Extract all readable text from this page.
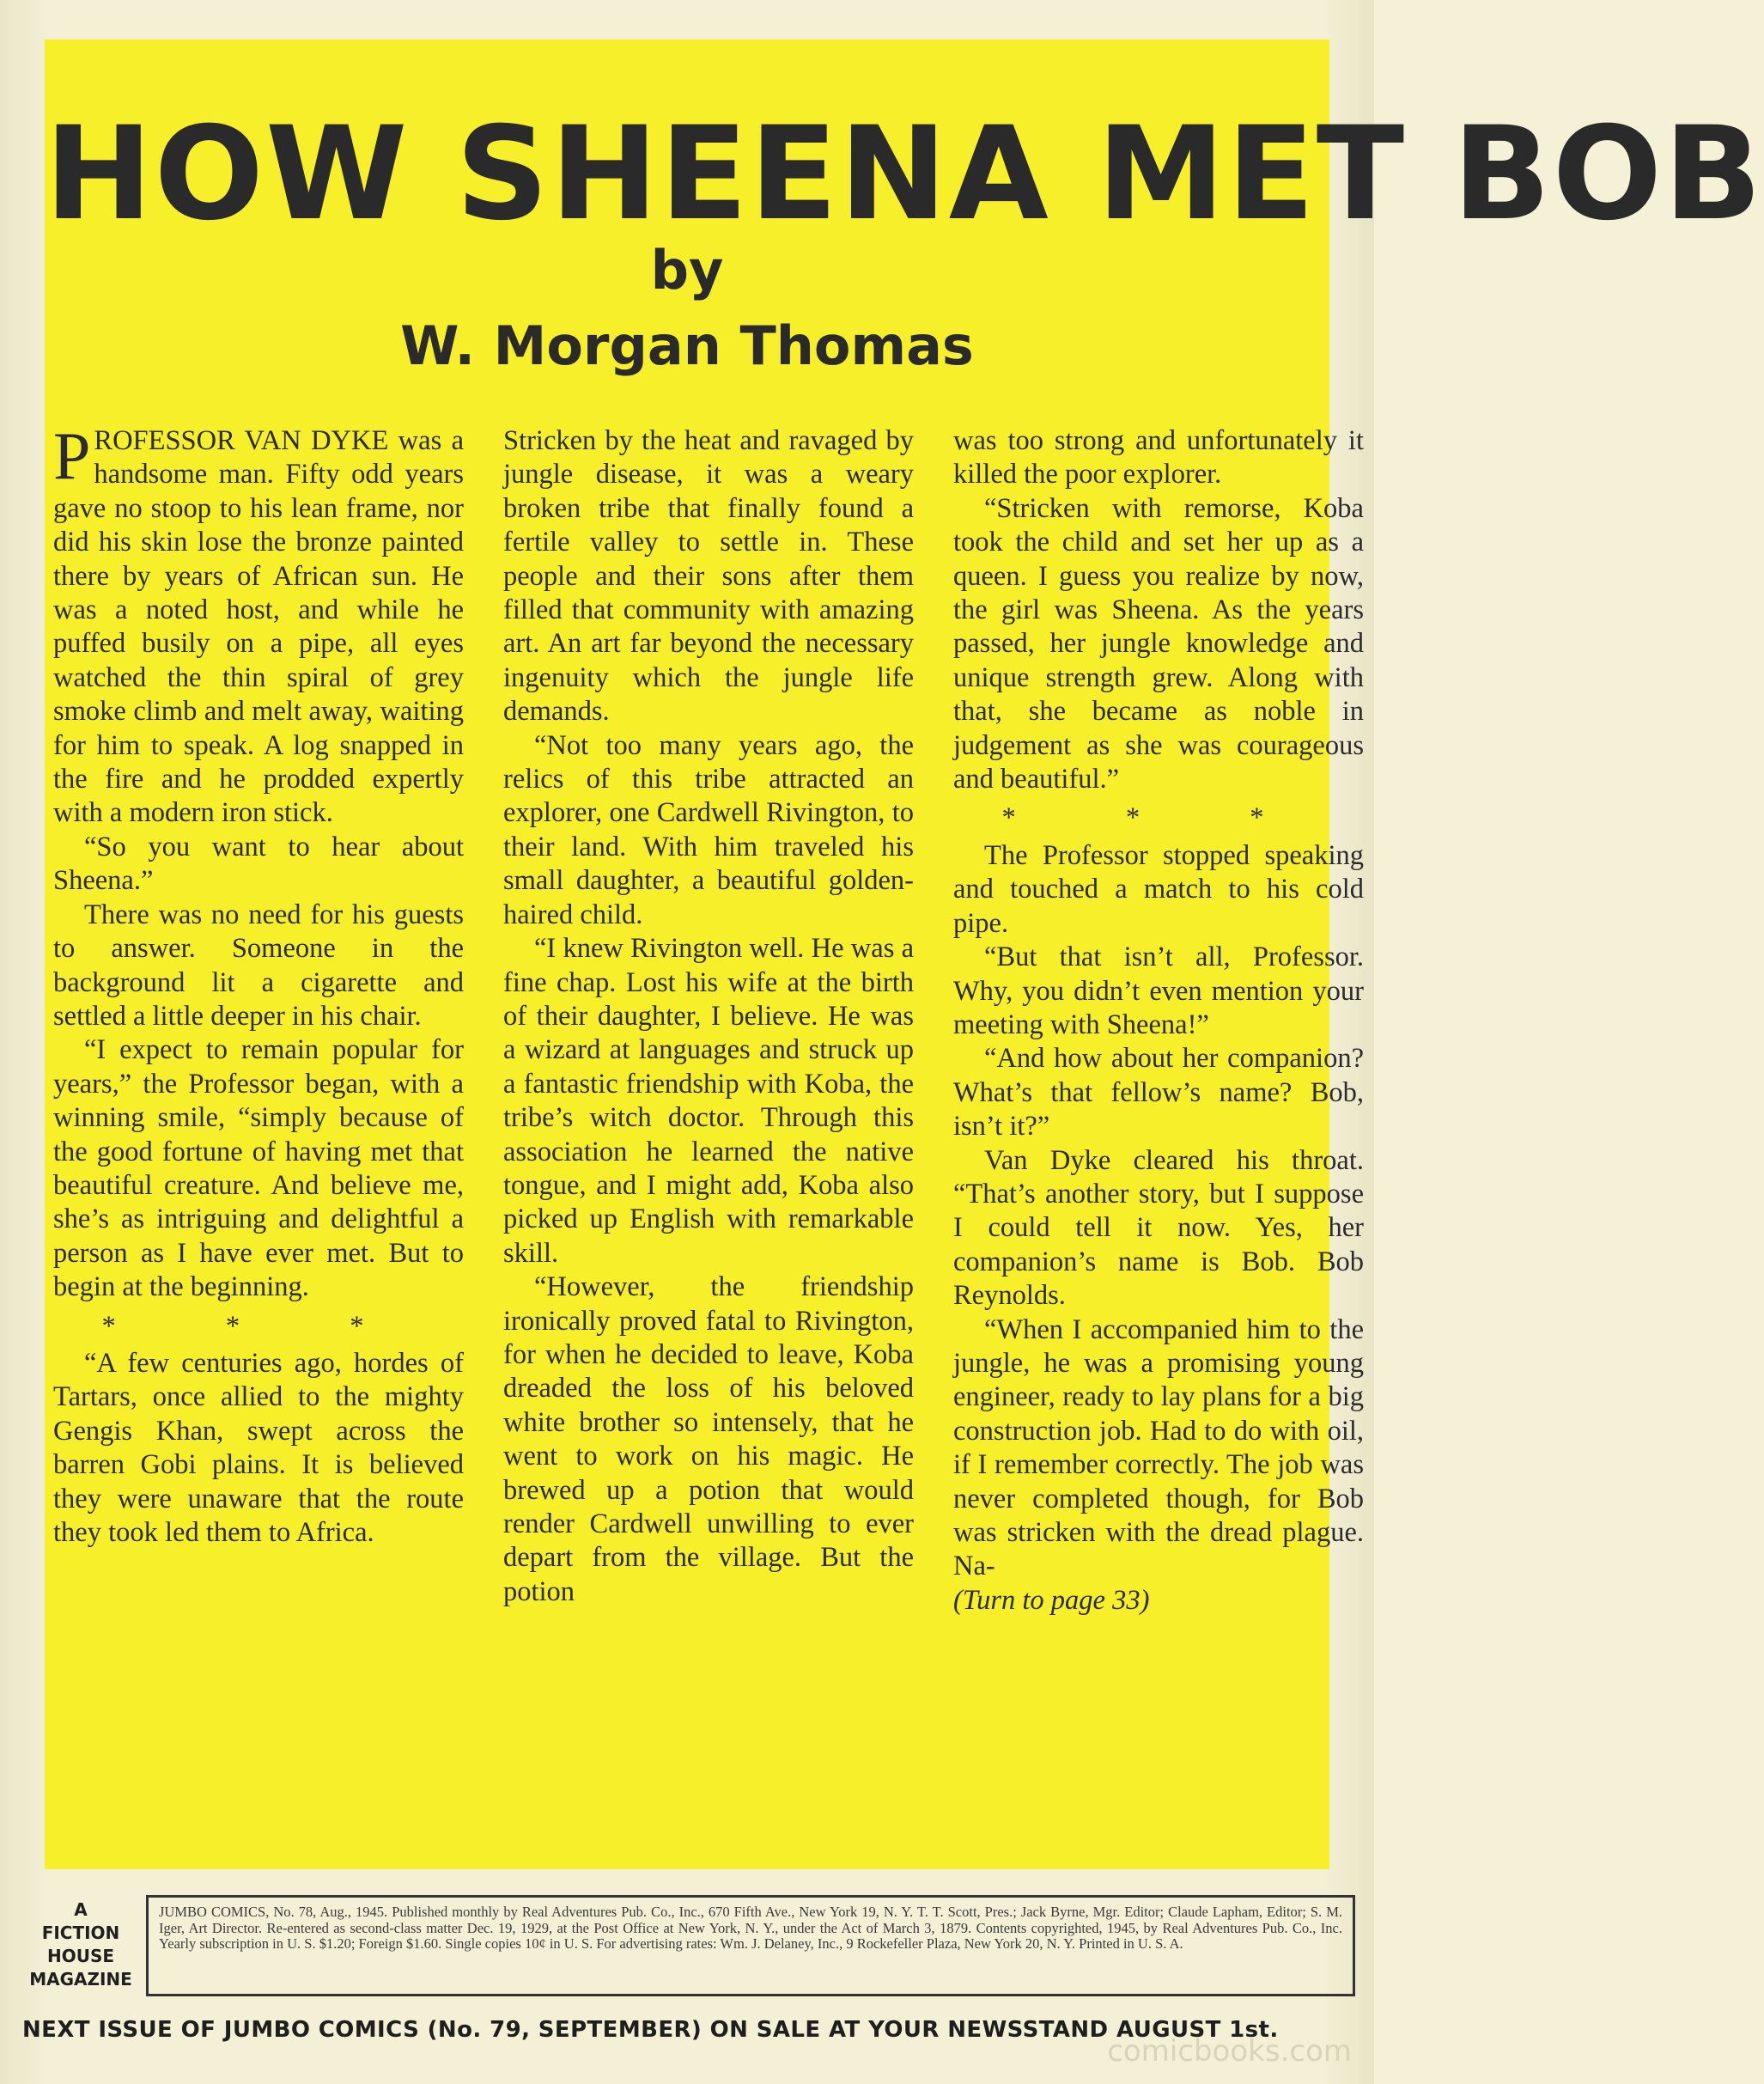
HOW SHEENA MET BOB
by
W. Morgan Thomas

PROFESSOR VAN DYKE was a handsome man. Fifty odd years gave no stoop to his lean frame, nor did his skin lose the bronze painted there by years of African sun. He was a noted host, and while he puffed busily on a pipe, all eyes watched the thin spiral of grey smoke climb and melt away, waiting for him to speak. A log snapped in the fire and he prodded expertly with a modern iron stick.

“So you want to hear about Sheena.”

There was no need for his guests to answer. Someone in the background lit a cigarette and settled a little deeper in his chair.

“I expect to remain popular for years,” the Professor began, with a winning smile, “simply because of the good fortune of having met that beautiful creature. And believe me, she’s as intriguing and delightful a person as I have ever met. But to begin at the beginning.

* * *

“A few centuries ago, hordes of Tartars, once allied to the mighty Gengis Khan, swept across the barren Gobi plains. It is believed they were unaware that the route they took led them to Africa.

Stricken by the heat and ravaged by jungle disease, it was a weary broken tribe that finally found a fertile valley to settle in. These people and their sons after them filled that community with amazing art. An art far beyond the necessary ingenuity which the jungle life demands.

“Not too many years ago, the relics of this tribe attracted an explorer, one Cardwell Rivington, to their land. With him traveled his small daughter, a beautiful golden-haired child.

“I knew Rivington well. He was a fine chap. Lost his wife at the birth of their daughter, I believe. He was a wizard at languages and struck up a fantastic friendship with Koba, the tribe’s witch doctor. Through this association he learned the native tongue, and I might add, Koba also picked up English with remarkable skill.

“However, the friendship ironically proved fatal to Rivington, for when he decided to leave, Koba dreaded the loss of his beloved white brother so intensely, that he went to work on his magic. He brewed up a potion that would render Cardwell unwilling to ever depart from the village. But the potion

was too strong and unfortunately it killed the poor explorer.

“Stricken with remorse, Koba took the child and set her up as a queen. I guess you realize by now, the girl was Sheena. As the years passed, her jungle knowledge and unique strength grew. Along with that, she became as noble in judgement as she was courageous and beautiful.”

* * *

The Professor stopped speaking and touched a match to his cold pipe.

“But that isn’t all, Professor. Why, you didn’t even mention your meeting with Sheena!”

“And how about her companion? What’s that fellow’s name? Bob, isn’t it?”

Van Dyke cleared his throat. “That’s another story, but I suppose I could tell it now. Yes, her companion’s name is Bob. Bob Reynolds.

“When I accompanied him to the jungle, he was a promising young engineer, ready to lay plans for a big construction job. Had to do with oil, if I remember correctly. The job was never completed though, for Bob was stricken with the dread plague. Na-

(Turn to page 33)

A
FICTION
HOUSE
MAGAZINE
JUMBO COMICS, No. 78, Aug., 1945. Published monthly by Real Adventures Pub. Co., Inc., 670 Fifth Ave., New York 19, N. Y. T. T. Scott, Pres.; Jack Byrne, Mgr. Editor; Claude Lapham, Editor; S. M. Iger, Art Director. Re-entered as second-class matter Dec. 19, 1929, at the Post Office at New York, N. Y., under the Act of March 3, 1879. Contents copyrighted, 1945, by Real Adventures Pub. Co., Inc. Yearly subscription in U. S. $1.20; Foreign $1.60. Single copies 10¢ in U. S. For advertising rates: Wm. J. Delaney, Inc., 9 Rockefeller Plaza, New York 20, N. Y. Printed in U. S. A.
NEXT ISSUE OF JUMBO COMICS (No. 79, SEPTEMBER) ON SALE AT YOUR NEWSSTAND AUGUST 1st.
comicbooks.com
